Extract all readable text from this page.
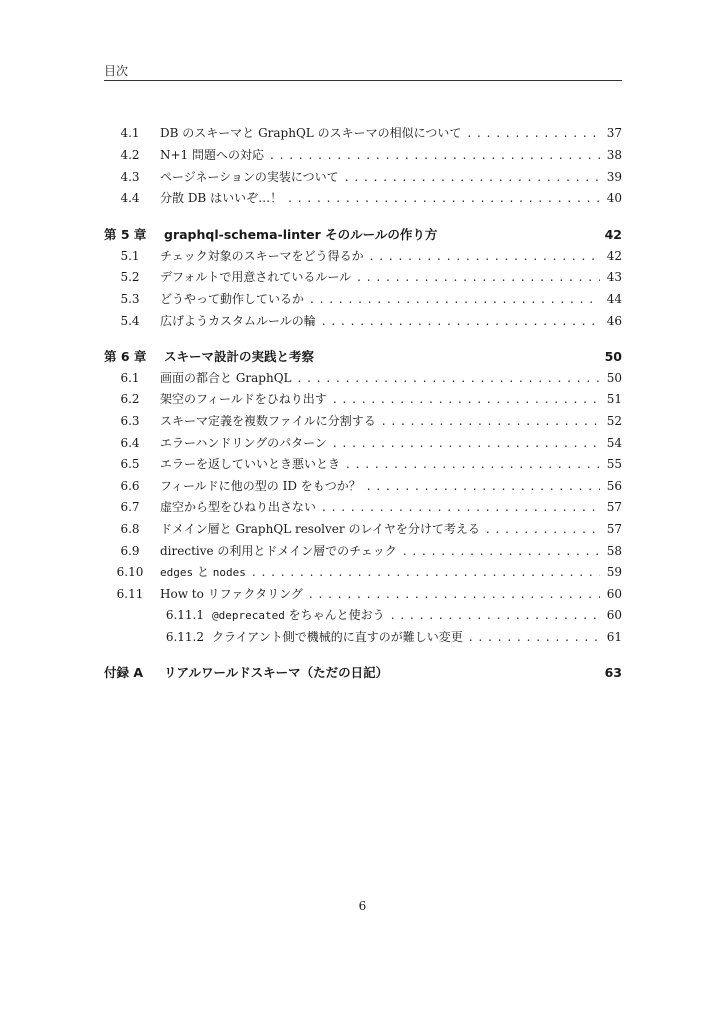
目次
4.1	DB のスキーマと GraphQL のスキーマの相似について . . .	37
4.2	N+1 問題への対応 . . .	38
4.3	ページネーションの実装について . . .	39
4.4	分散 DB はいいぞ…！ . . .	40
第 5 章	graphql-schema-linter そのルールの作り方	42
5.1	チェック対象のスキーマをどう得るか . . .	42
5.2	デフォルトで用意されているルール . . .	43
5.3	どうやって動作しているか . . .	44
5.4	広げようカスタムルールの輪 . . .	46
第 6 章	スキーマ設計の実践と考察	50
6.1	画面の都合と GraphQL . . .	50
6.2	架空のフィールドをひねり出す . . .	51
6.3	スキーマ定義を複数ファイルに分割する . . .	52
6.4	エラーハンドリングのパターン . . .	54
6.5	エラーを返していいとき悪いとき . . .	55
6.6	フィールドに他の型の ID をもつか？ . . .	56
6.7	虚空から型をひねり出さない . . .	57
6.8	ドメイン層と GraphQL resolver のレイヤを分けて考える . . .	57
6.9	directive の利用とドメイン層でのチェック . . .	58
6.10	edges と nodes . . .	59
6.11	How to リファクタリング . . .	60
6.11.1 @deprecated をちゃんと使おう . . .	60
6.11.2 クライアント側で機械的に直すのが難しい変更 . . .	61
付録 A	リアルワールドスキーマ（ただの日記）	63
6
